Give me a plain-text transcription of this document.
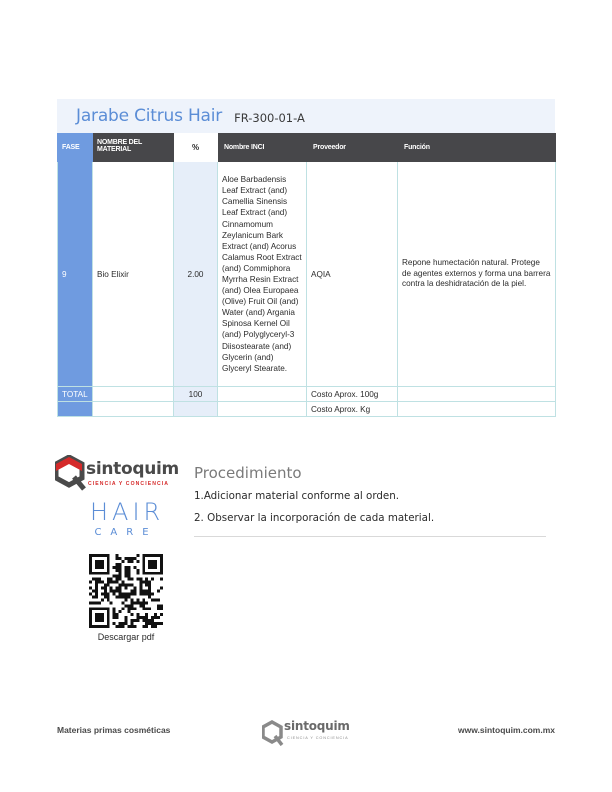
Jarabe Citrus Hair FR-300-01-A
FASE	NOMBRE DEL MATERIAL	%	Nombre INCI	Proveedor	Función
9	Bio Elixir	2.00	Aloe Barbadensis Leaf Extract (and) Camellia Sinensis Leaf Extract (and) Cinnamomum Zeylanicum Bark Extract (and) Acorus Calamus Root Extract (and) Commiphora Myrrha Resin Extract (and) Olea Europaea (Olive) Fruit Oil (and) Water (and) Argania Spinosa Kernel Oil (and) Polyglyceryl-3 Diisostearate (and) Glycerin (and) Glyceryl Stearate.	AQIA	Repone humectación natural. Protege de agentes externos y forma una barrera contra la deshidratación de la piel.
TOTAL		100		Costo Aprox. 100g	
				Costo Aprox. Kg	
sintoquim
CIENCIA Y CONCIENCIA
HAIR
CARE
Descargar pdf
Procedimiento
1.Adicionar material conforme al orden.
2. Observar la incorporación de cada material.
Materias primas cosméticas	sintoquim
CIENCIA Y CONCIENCIA
www.sintoquim.com.mx
